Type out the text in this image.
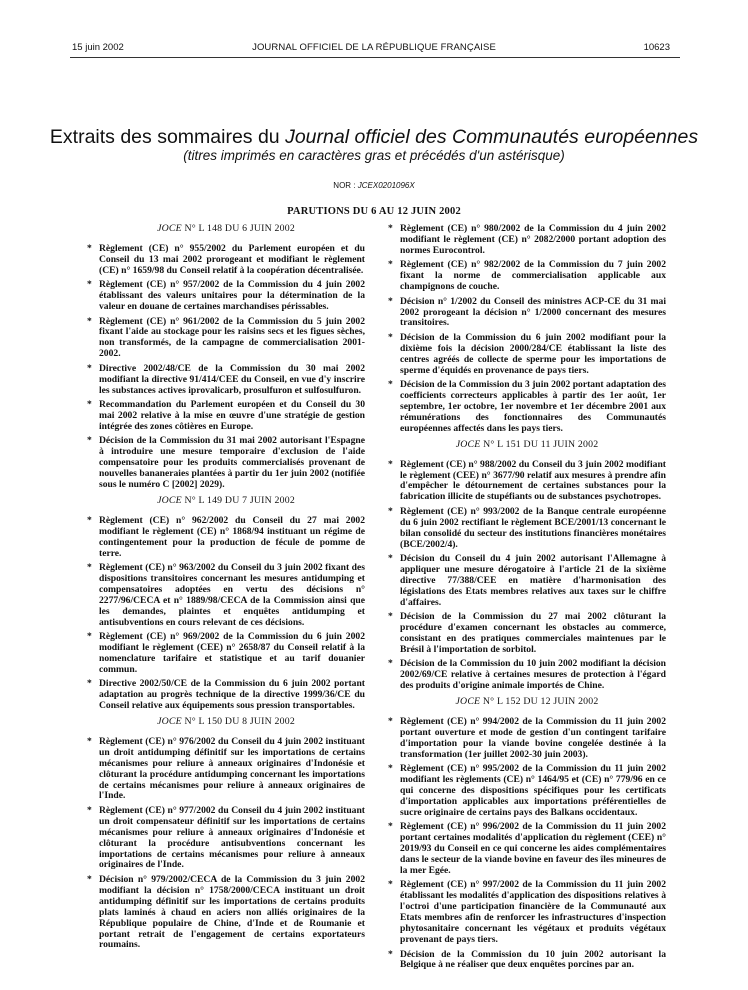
15 juin 2002	JOURNAL OFFICIEL DE LA RÉPUBLIQUE FRANÇAISE	10623
Extraits des sommaires du Journal officiel des Communautés européennes
(titres imprimés en caractères gras et précédés d'un astérisque)
NOR : JCEX0201096X
PARUTIONS DU 6 AU 12 JUIN 2002
JOCE N° L 148 DU 6 JUIN 2002
* Règlement (CE) n° 955/2002 du Parlement européen et du Conseil du 13 mai 2002 prorogeant et modifiant le règlement (CE) n° 1659/98 du Conseil relatif à la coopération décentralisée.
* Règlement (CE) n° 957/2002 de la Commission du 4 juin 2002 établissant des valeurs unitaires pour la détermination de la valeur en douane de certaines marchandises périssables.
* Règlement (CE) n° 961/2002 de la Commission du 5 juin 2002 fixant l'aide au stockage pour les raisins secs et les figues sèches, non transformés, de la campagne de commercialisation 2001-2002.
* Directive 2002/48/CE de la Commission du 30 mai 2002 modifiant la directive 91/414/CEE du Conseil, en vue d'y inscrire les substances actives iprovalicarb, prosulfuron et sulfosulfuron.
* Recommandation du Parlement européen et du Conseil du 30 mai 2002 relative à la mise en œuvre d'une stratégie de gestion intégrée des zones côtières en Europe.
* Décision de la Commission du 31 mai 2002 autorisant l'Espagne à introduire une mesure temporaire d'exclusion de l'aide compensatoire pour les produits commercialisés provenant de nouvelles bananeraies plantées à partir du 1er juin 2002 (notifiée sous le numéro C [2002] 2029).
JOCE N° L 149 DU 7 JUIN 2002
* Règlement (CE) n° 962/2002 du Conseil du 27 mai 2002 modifiant le règlement (CE) n° 1868/94 instituant un régime de contingentement pour la production de fécule de pomme de terre.
* Règlement (CE) n° 963/2002 du Conseil du 3 juin 2002 fixant des dispositions transitoires concernant les mesures antidumping et compensatoires adoptées en vertu des décisions n° 2277/96/CECA et n° 1889/98/CECA de la Commission ainsi que les demandes, plaintes et enquêtes antidumping et antisubventions en cours relevant de ces décisions.
* Règlement (CE) n° 969/2002 de la Commission du 6 juin 2002 modifiant le règlement (CEE) n° 2658/87 du Conseil relatif à la nomenclature tarifaire et statistique et au tarif douanier commun.
* Directive 2002/50/CE de la Commission du 6 juin 2002 portant adaptation au progrès technique de la directive 1999/36/CE du Conseil relative aux équipements sous pression transportables.
JOCE N° L 150 DU 8 JUIN 2002
* Règlement (CE) n° 976/2002 du Conseil du 4 juin 2002 instituant un droit antidumping définitif sur les importations de certains mécanismes pour reliure à anneaux originaires d'Indonésie et clôturant la procédure antidumping concernant les importations de certains mécanismes pour reliure à anneaux originaires de l'Inde.
* Règlement (CE) n° 977/2002 du Conseil du 4 juin 2002 instituant un droit compensateur définitif sur les importations de certains mécanismes pour reliure à anneaux originaires d'Indonésie et clôturant la procédure antisubventions concernant les importations de certains mécanismes pour reliure à anneaux originaires de l'Inde.
* Décision n° 979/2002/CECA de la Commission du 3 juin 2002 modifiant la décision n° 1758/2000/CECA instituant un droit antidumping définitif sur les importations de certains produits plats laminés à chaud en aciers non alliés originaires de la République populaire de Chine, d'Inde et de Roumanie et portant retrait de l'engagement de certains exportateurs roumains.
* Règlement (CE) n° 980/2002 de la Commission du 4 juin 2002 modifiant le règlement (CE) n° 2082/2000 portant adoption des normes Eurocontrol.
* Règlement (CE) n° 982/2002 de la Commission du 7 juin 2002 fixant la norme de commercialisation applicable aux champignons de couche.
* Décision n° 1/2002 du Conseil des ministres ACP-CE du 31 mai 2002 prorogeant la décision n° 1/2000 concernant des mesures transitoires.
* Décision de la Commission du 6 juin 2002 modifiant pour la dixième fois la décision 2000/284/CE établissant la liste des centres agréés de collecte de sperme pour les importations de sperme d'équidés en provenance de pays tiers.
* Décision de la Commission du 3 juin 2002 portant adaptation des coefficients correcteurs applicables à partir des 1er août, 1er septembre, 1er octobre, 1er novembre et 1er décembre 2001 aux rémunérations des fonctionnaires des Communautés européennes affectés dans les pays tiers.
JOCE N° L 151 DU 11 JUIN 2002
* Règlement (CE) n° 988/2002 du Conseil du 3 juin 2002 modifiant le règlement (CEE) n° 3677/90 relatif aux mesures à prendre afin d'empêcher le détournement de certaines substances pour la fabrication illicite de stupéfiants ou de substances psychotropes.
* Règlement (CE) n° 993/2002 de la Banque centrale européenne du 6 juin 2002 rectifiant le règlement BCE/2001/13 concernant le bilan consolidé du secteur des institutions financières monétaires (BCE/2002/4).
* Décision du Conseil du 4 juin 2002 autorisant l'Allemagne à appliquer une mesure dérogatoire à l'article 21 de la sixième directive 77/388/CEE en matière d'harmonisation des législations des Etats membres relatives aux taxes sur le chiffre d'affaires.
* Décision de la Commission du 27 mai 2002 clôturant la procédure d'examen concernant les obstacles au commerce, consistant en des pratiques commerciales maintenues par le Brésil à l'importation de sorbitol.
* Décision de la Commission du 10 juin 2002 modifiant la décision 2002/69/CE relative à certaines mesures de protection à l'égard des produits d'origine animale importés de Chine.
JOCE N° L 152 DU 12 JUIN 2002
* Règlement (CE) n° 994/2002 de la Commission du 11 juin 2002 portant ouverture et mode de gestion d'un contingent tarifaire d'importation pour la viande bovine congelée destinée à la transformation (1er juillet 2002-30 juin 2003).
* Règlement (CE) n° 995/2002 de la Commission du 11 juin 2002 modifiant les règlements (CE) n° 1464/95 et (CE) n° 779/96 en ce qui concerne des dispositions spécifiques pour les certificats d'importation applicables aux importations préférentielles de sucre originaire de certains pays des Balkans occidentaux.
* Règlement (CE) n° 996/2002 de la Commission du 11 juin 2002 portant certaines modalités d'application du règlement (CEE) n° 2019/93 du Conseil en ce qui concerne les aides complémentaires dans le secteur de la viande bovine en faveur des îles mineures de la mer Egée.
* Règlement (CE) n° 997/2002 de la Commission du 11 juin 2002 établissant les modalités d'application des dispositions relatives à l'octroi d'une participation financière de la Communauté aux Etats membres afin de renforcer les infrastructures d'inspection phytosanitaire concernant les végétaux et produits végétaux provenant de pays tiers.
* Décision de la Commission du 10 juin 2002 autorisant la Belgique à ne réaliser que deux enquêtes porcines par an.
